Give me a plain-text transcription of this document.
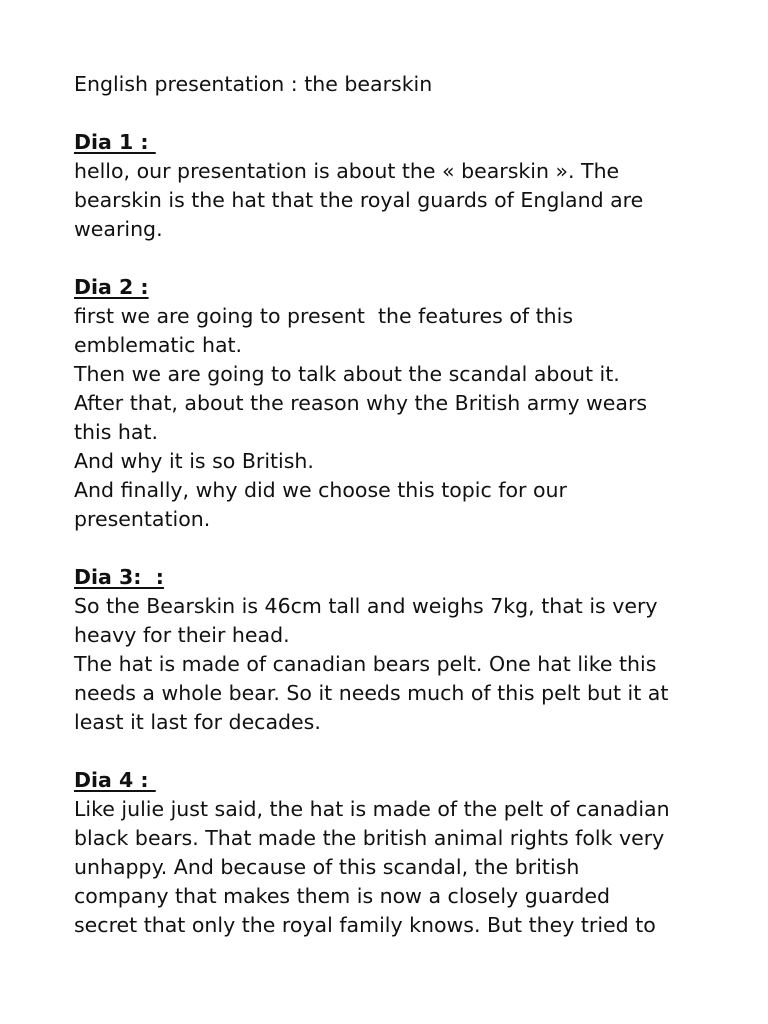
English presentation : the bearskin

Dia 1 :

hello, our presentation is about the « bearskin ». The
bearskin is the hat that the royal guards of England are
wearing.

Dia 2 :

first we are going to present  the features of this
emblematic hat.

Then we are going to talk about the scandal about it.

After that, about the reason why the British army wears
this hat.

And why it is so British.

And finally, why did we choose this topic for our
presentation.

Dia 3:  :

So the Bearskin is 46cm tall and weighs 7kg, that is very
heavy for their head.

The hat is made of canadian bears pelt. One hat like this
needs a whole bear. So it needs much of this pelt but it at
least it last for decades.

Dia 4 :

Like julie just said, the hat is made of the pelt of canadian
black bears. That made the british animal rights folk very
unhappy. And because of this scandal, the british
company that makes them is now a closely guarded
secret that only the royal family knows. But they tried to
